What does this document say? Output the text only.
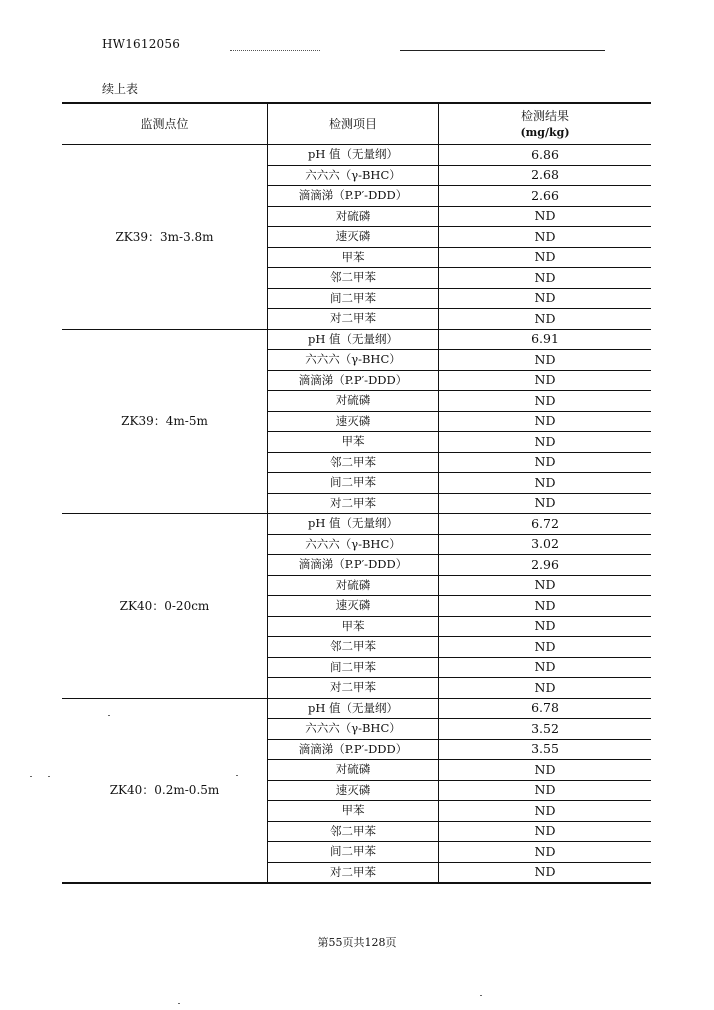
HW1612056
续上表
监测点位	检测项目	检测结果
(mg/kg)

ZK39：3m-3.8m	pH 值（无量纲）	6.86
	六六六（γ-BHC）	2.68
	滴滴涕（P.P′-DDD）	2.66
	对硫磷	ND
	速灭磷	ND
	甲苯	ND
	邻二甲苯	ND
	间二甲苯	ND
	对二甲苯	ND
ZK39：4m-5m	pH 值（无量纲）	6.91
	六六六（γ-BHC）	ND
	滴滴涕（P.P′-DDD）	ND
	对硫磷	ND
	速灭磷	ND
	甲苯	ND
	邻二甲苯	ND
	间二甲苯	ND
	对二甲苯	ND
ZK40：0-20cm	pH 值（无量纲）	6.72
	六六六（γ-BHC）	3.02
	滴滴涕（P.P′-DDD）	2.96
	对硫磷	ND
	速灭磷	ND
	甲苯	ND
	邻二甲苯	ND
	间二甲苯	ND
	对二甲苯	ND
ZK40：0.2m-0.5m	pH 值（无量纲）	6.78
	六六六（γ-BHC）	3.52
	滴滴涕（P.P′-DDD）	3.55
	对硫磷	ND
	速灭磷	ND
	甲苯	ND
	邻二甲苯	ND
	间二甲苯	ND
	对二甲苯	ND
第55页共128页
